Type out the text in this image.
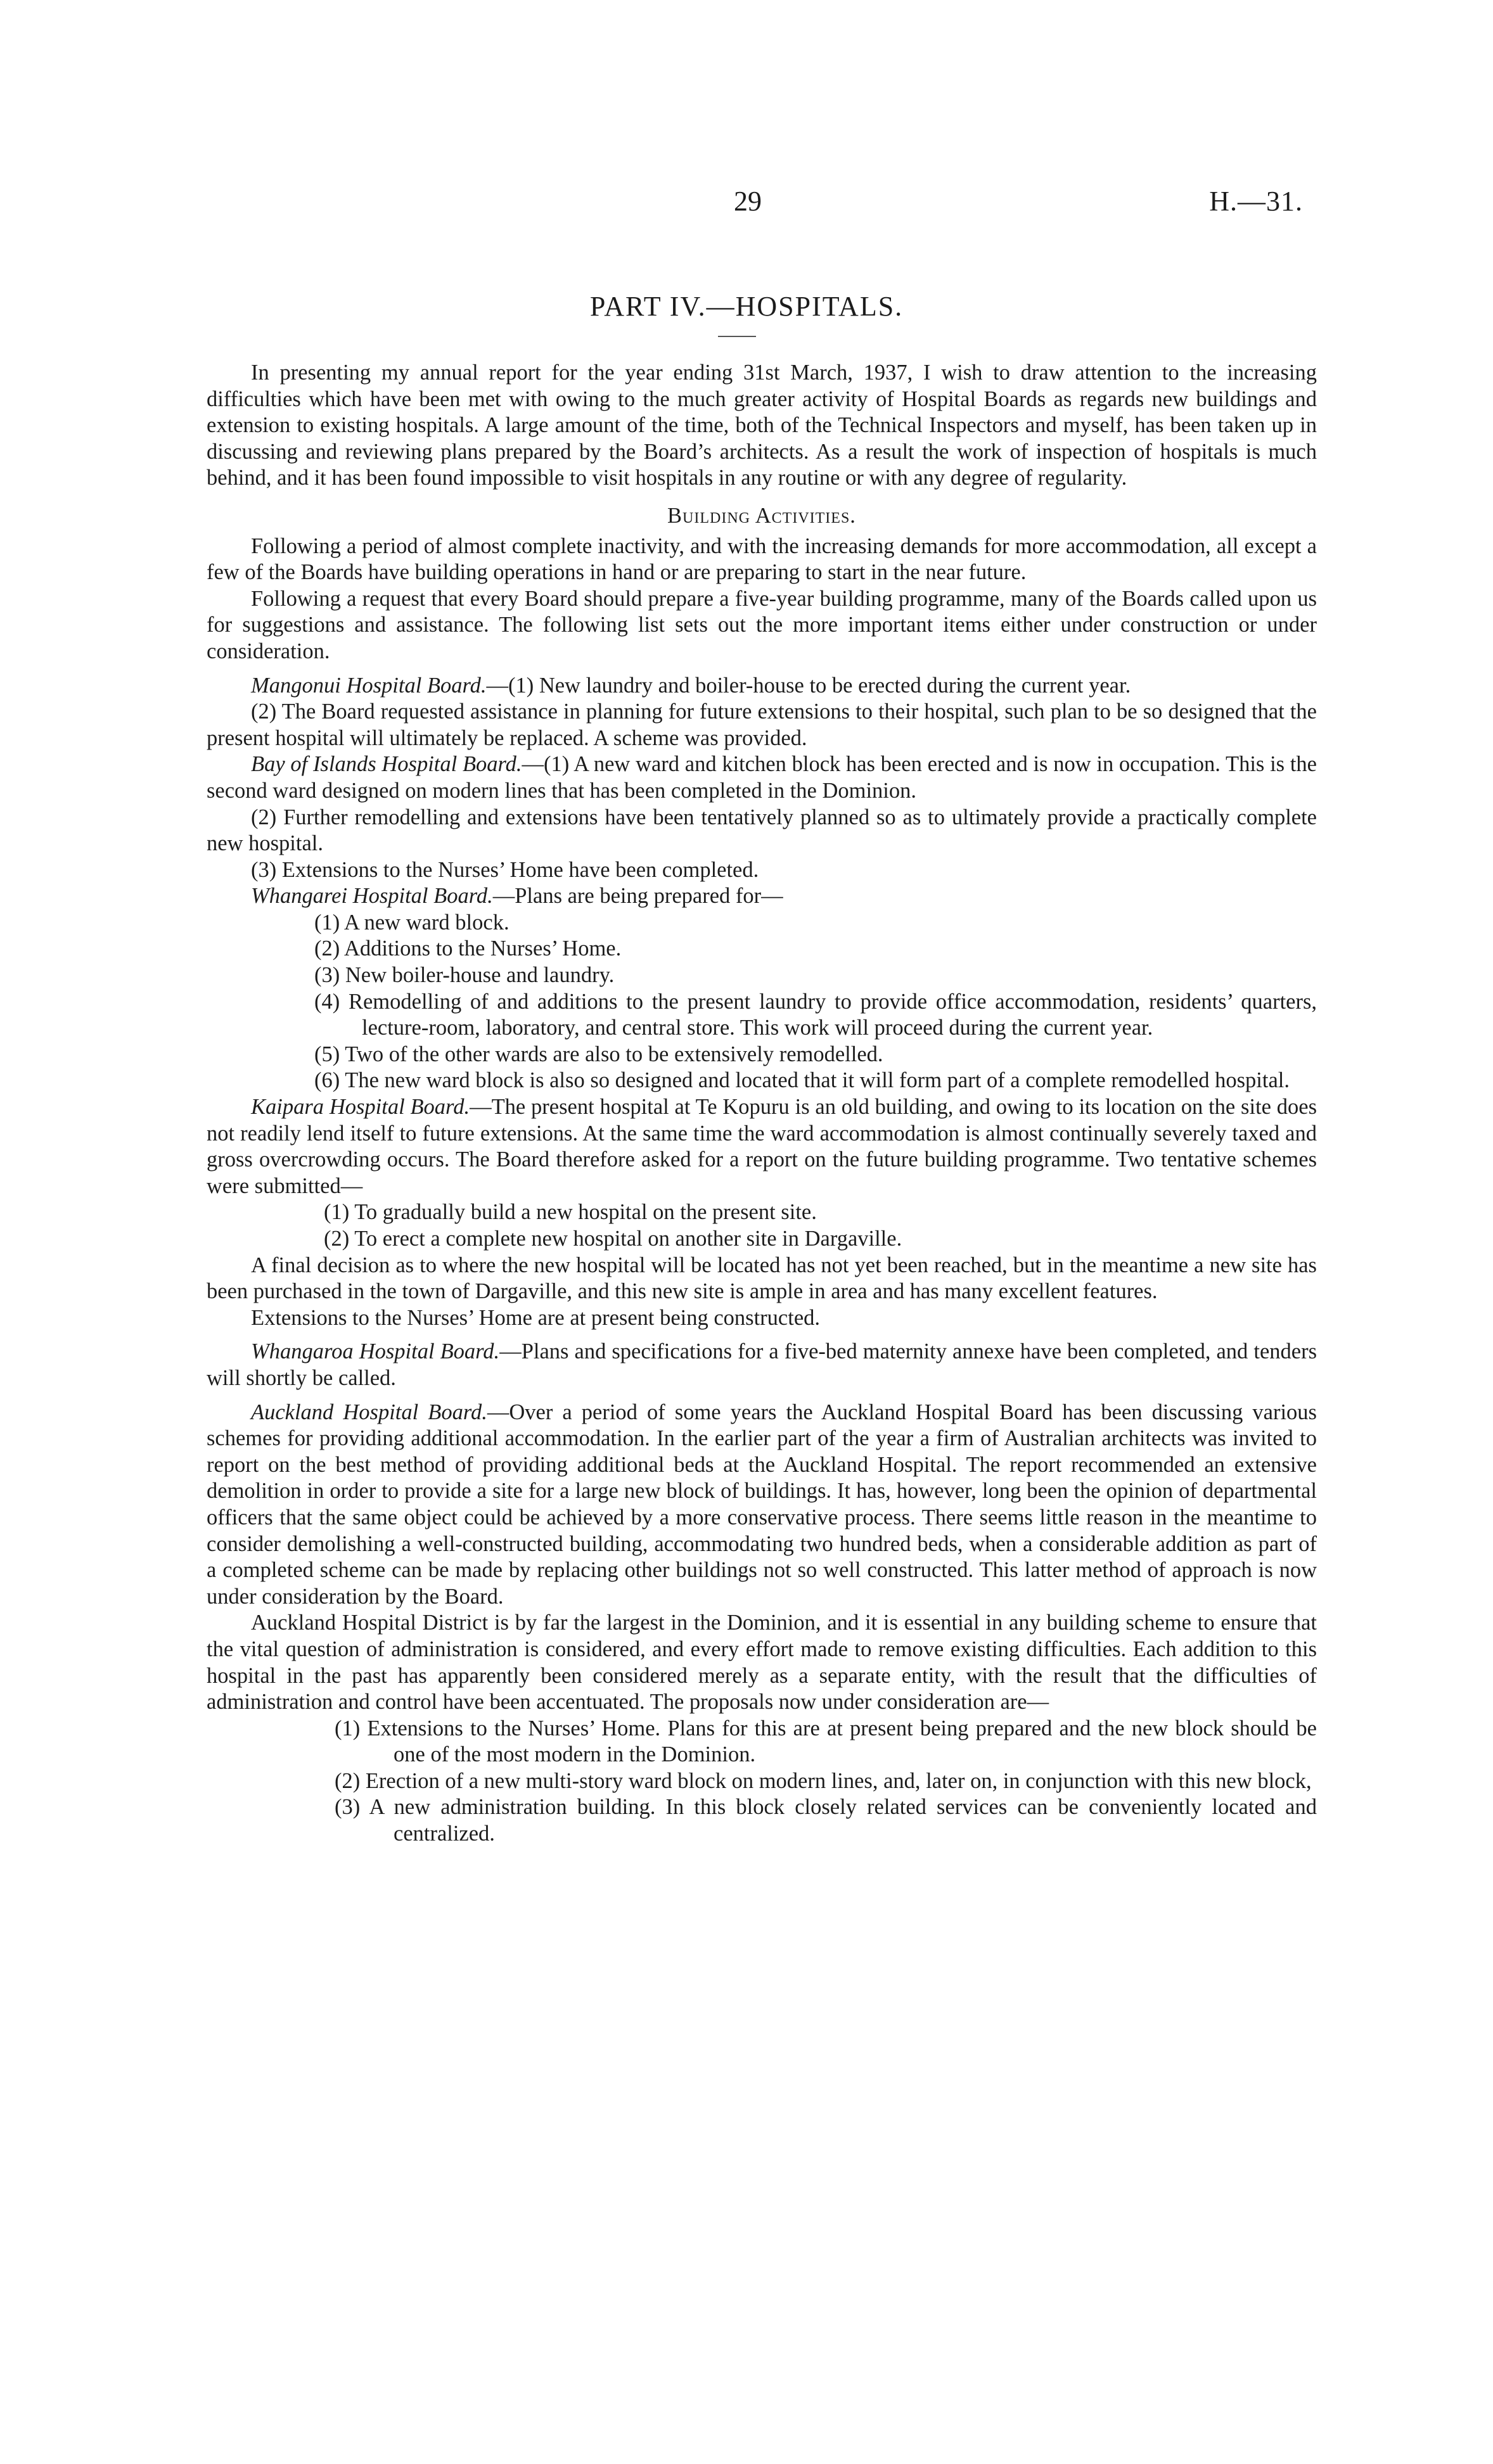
29	H.—31.
PART IV.—HOSPITALS.

In presenting my annual report for the year ending 31st March, 1937, I wish to draw attention to the increasing difficulties which have been met with owing to the much greater activity of Hospital Boards as regards new buildings and extension to existing hospitals. A large amount of the time, both of the Technical Inspectors and myself, has been taken up in discussing and reviewing plans prepared by the Board’s architects. As a result the work of inspection of hospitals is much behind, and it has been found impossible to visit hospitals in any routine or with any degree of regularity.

Building Activities.

Following a period of almost complete inactivity, and with the increasing demands for more accommodation, all except a few of the Boards have building operations in hand or are preparing to start in the near future.

Following a request that every Board should prepare a five-year building programme, many of the Boards called upon us for suggestions and assistance. The following list sets out the more important items either under construction or under consideration.

Mangonui Hospital Board.—(1) New laundry and boiler-house to be erected during the current year.

(2) The Board requested assistance in planning for future extensions to their hospital, such plan to be so designed that the present hospital will ultimately be replaced. A scheme was provided.

Bay of Islands Hospital Board.—(1) A new ward and kitchen block has been erected and is now in occupation. This is the second ward designed on modern lines that has been completed in the Dominion.

(2) Further remodelling and extensions have been tentatively planned so as to ultimately provide a practically complete new hospital.

(3) Extensions to the Nurses’ Home have been completed.

Whangarei Hospital Board.—Plans are being prepared for—

(1) A new ward block.
(2) Additions to the Nurses’ Home.
(3) New boiler-house and laundry.
(4) Remodelling of and additions to the present laundry to provide office accommodation, residents’ quarters, lecture-room, laboratory, and central store. This work will proceed during the current year.
(5) Two of the other wards are also to be extensively remodelled.
(6) The new ward block is also so designed and located that it will form part of a complete remodelled hospital.

Kaipara Hospital Board.—The present hospital at Te Kopuru is an old building, and owing to its location on the site does not readily lend itself to future extensions. At the same time the ward accommodation is almost continually severely taxed and gross overcrowding occurs. The Board therefore asked for a report on the future building programme. Two tentative schemes were submitted—

(1) To gradually build a new hospital on the present site.
(2) To erect a complete new hospital on another site in Dargaville.

A final decision as to where the new hospital will be located has not yet been reached, but in the meantime a new site has been purchased in the town of Dargaville, and this new site is ample in area and has many excellent features.

Extensions to the Nurses’ Home are at present being constructed.

Whangaroa Hospital Board.—Plans and specifications for a five-bed maternity annexe have been completed, and tenders will shortly be called.

Auckland Hospital Board.—Over a period of some years the Auckland Hospital Board has been discussing various schemes for providing additional accommodation. In the earlier part of the year a firm of Australian architects was invited to report on the best method of providing additional beds at the Auckland Hospital. The report recommended an extensive demolition in order to provide a site for a large new block of buildings. It has, however, long been the opinion of departmental officers that the same object could be achieved by a more conservative process. There seems little reason in the meantime to consider demolishing a well-constructed building, accommodating two hundred beds, when a considerable addition as part of a completed scheme can be made by replacing other buildings not so well constructed. This latter method of approach is now under consideration by the Board.

Auckland Hospital District is by far the largest in the Dominion, and it is essential in any building scheme to ensure that the vital question of administration is considered, and every effort made to remove existing difficulties. Each addition to this hospital in the past has apparently been considered merely as a separate entity, with the result that the difficulties of administration and control have been accentuated. The proposals now under consideration are—

(1) Extensions to the Nurses’ Home. Plans for this are at present being prepared and the new block should be one of the most modern in the Dominion.
(2) Erection of a new multi-story ward block on modern lines, and, later on, in conjunction with this new block,
(3) A new administration building. In this block closely related services can be conveniently located and centralized.
